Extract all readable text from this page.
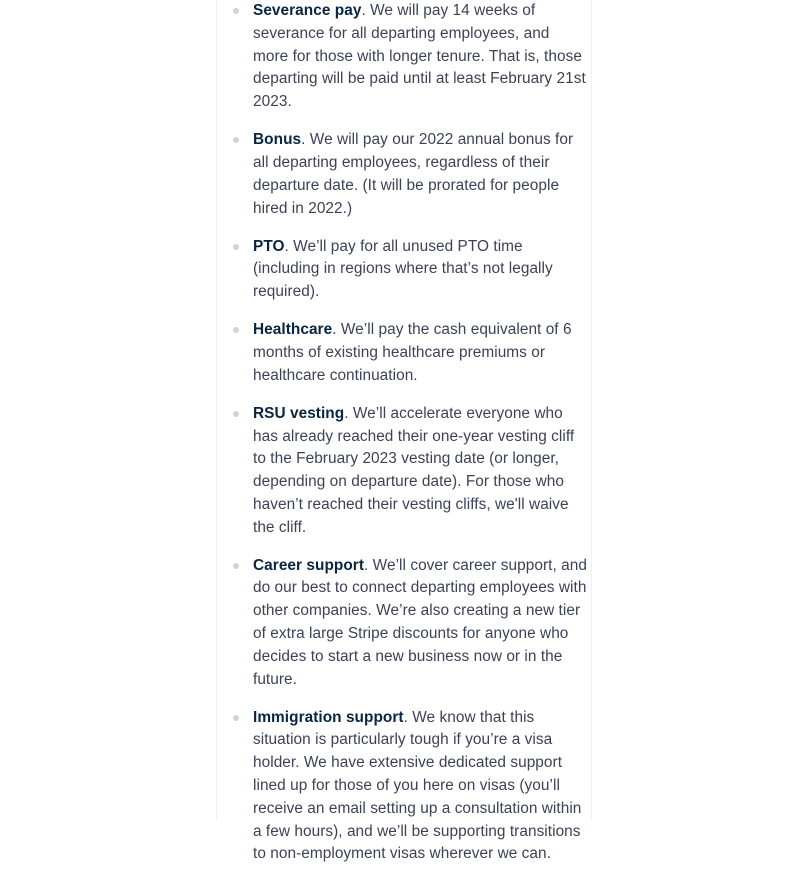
Severance pay. We will pay 14 weeks of severance for all departing employees, and more for those with longer tenure. That is, those departing will be paid until at least February 21st 2023.
Bonus. We will pay our 2022 annual bonus for all departing employees, regardless of their departure date. (It will be prorated for people hired in 2022.)
PTO. We’ll pay for all unused PTO time (including in regions where that’s not legally required).
Healthcare. We’ll pay the cash equivalent of 6 months of existing healthcare premiums or healthcare continuation.
RSU vesting. We’ll accelerate everyone who has already reached their one-year vesting cliff to the February 2023 vesting date (or longer, depending on departure date). For those who haven’t reached their vesting cliffs, we'll waive the cliff.
Career support. We’ll cover career support, and do our best to connect departing employees with other companies. We’re also creating a new tier of extra large Stripe discounts for anyone who decides to start a new business now or in the future.
Immigration support. We know that this situation is particularly tough if you’re a visa holder. We have extensive dedicated support lined up for those of you here on visas (you’ll receive an email setting up a consultation within a few hours), and we’ll be supporting transitions to non-employment visas wherever we can.
